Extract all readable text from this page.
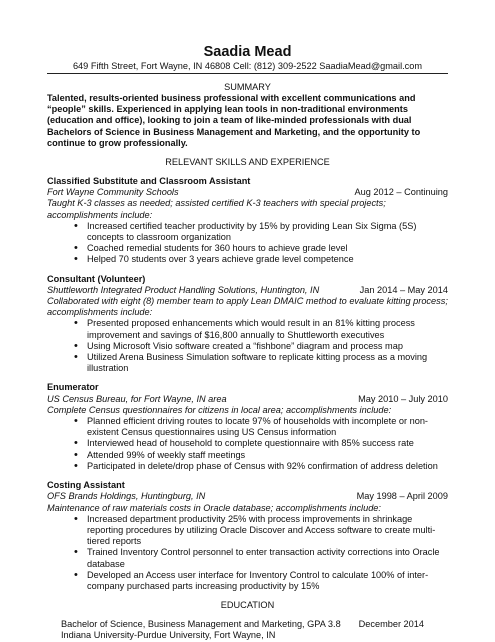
Saadia Mead
649 Fifth Street, Fort Wayne, IN 46808 Cell: (812) 309-2522 SaadiaMead@gmail.com
SUMMARY
Talented, results-oriented business professional with excellent communications and “people” skills. Experienced in applying lean tools in non-traditional environments (education and office), looking to join a team of like-minded professionals with dual Bachelors of Science in Business Management and Marketing, and the opportunity to continue to grow professionally.
RELEVANT SKILLS AND EXPERIENCE
Classified Substitute and Classroom Assistant
Fort Wayne Community Schools	Aug 2012 – Continuing
Taught K-3 classes as needed; assisted certified K-3 teachers with special projects; accomplishments include:
• Increased certified teacher productivity by 15% by providing Lean Six Sigma (5S) concepts to classroom organization
• Coached remedial students for 360 hours to achieve grade level
• Helped 70 students over 3 years achieve grade level competence
Consultant (Volunteer)
Shuttleworth Integrated Product Handling Solutions, Huntington, IN	Jan 2014 – May 2014
Collaborated with eight (8) member team to apply Lean DMAIC method to evaluate kitting process; accomplishments include:
• Presented proposed enhancements which would result in an 81% kitting process improvement and savings of $16,800 annually to Shuttleworth executives
• Using Microsoft Visio software created a “fishbone” diagram and process map
• Utilized Arena Business Simulation software to replicate kitting process as a moving illustration
Enumerator
US Census Bureau, for Fort Wayne, IN area	May 2010 – July 2010
Complete Census questionnaires for citizens in local area; accomplishments include:
• Planned efficient driving routes to locate 97% of households with incomplete or non-existent Census questionnaires using US Census information
• Interviewed head of household to complete questionnaire with 85% success rate
• Attended 99% of weekly staff meetings
• Participated in delete/drop phase of Census with 92% confirmation of address deletion
Costing Assistant
OFS Brands Holdings, Huntingburg, IN	May 1998 – April 2009
Maintenance of raw materials costs in Oracle database; accomplishments include:
• Increased department productivity 25% with process improvements in shrinkage reporting procedures by utilizing Oracle Discover and Access software to create multi-tiered reports
• Trained Inventory Control personnel to enter transaction activity corrections into Oracle database
• Developed an Access user interface for Inventory Control to calculate 100% of inter-company purchased parts increasing productivity by 15%
EDUCATION
Bachelor of Science, Business Management and Marketing, GPA 3.8 December 2014
Indiana University-Purdue University, Fort Wayne, IN
